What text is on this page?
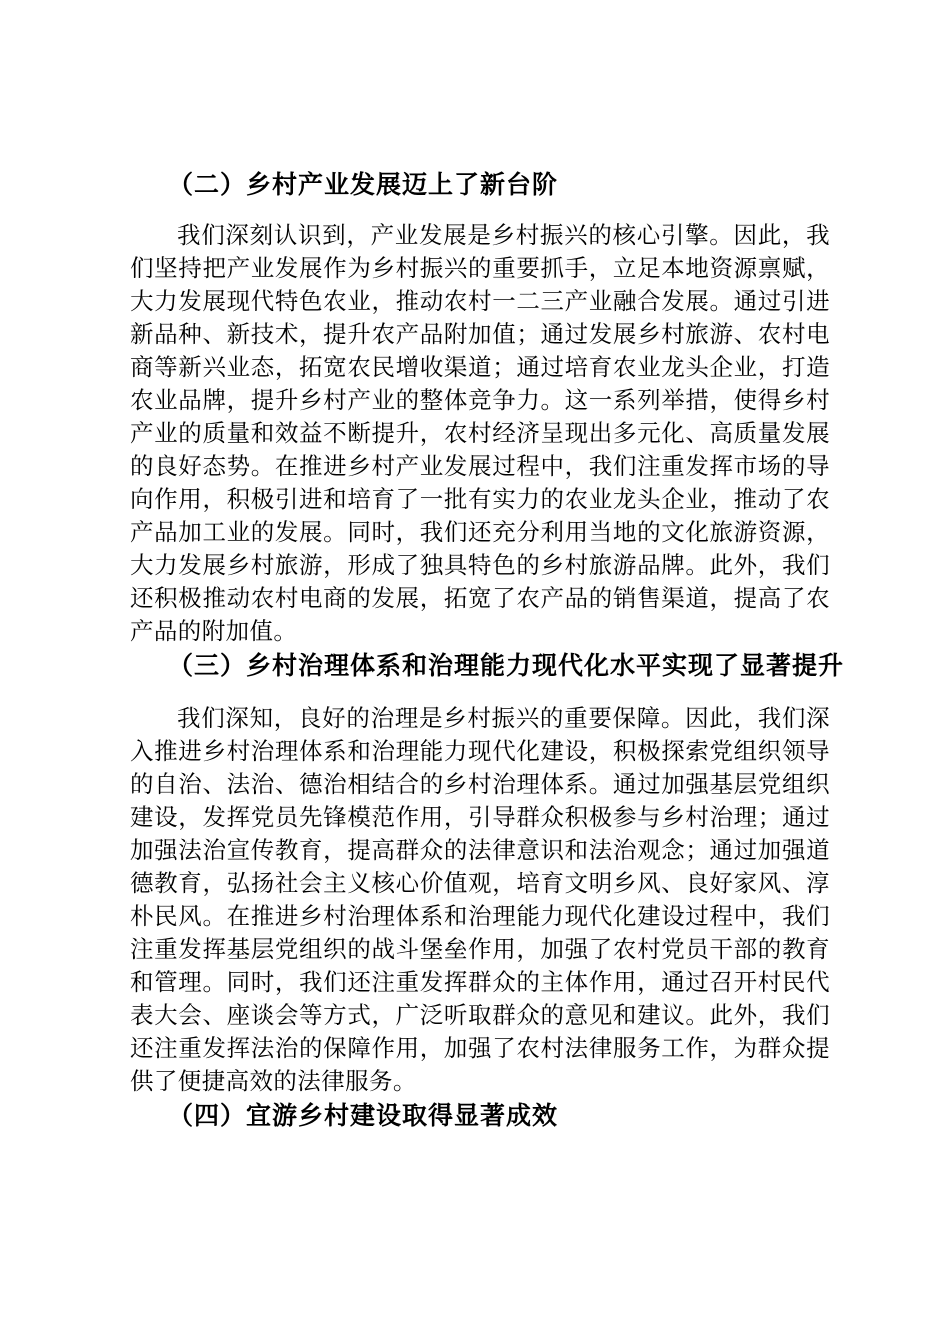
（二）乡村产业发展迈上了新台阶

我们深刻认识到，产业发展是乡村振兴的核心引擎。因此，我们坚持把产业发展作为乡村振兴的重要抓手，立足本地资源禀赋，大力发展现代特色农业，推动农村一二三产业融合发展。通过引进新品种、新技术，提升农产品附加值；通过发展乡村旅游、农村电商等新兴业态，拓宽农民增收渠道；通过培育农业龙头企业，打造农业品牌，提升乡村产业的整体竞争力。这一系列举措，使得乡村产业的质量和效益不断提升，农村经济呈现出多元化、高质量发展的良好态势。在推进乡村产业发展过程中，我们注重发挥市场的导向作用，积极引进和培育了一批有实力的农业龙头企业，推动了农产品加工业的发展。同时，我们还充分利用当地的文化旅游资源，大力发展乡村旅游，形成了独具特色的乡村旅游品牌。此外，我们还积极推动农村电商的发展，拓宽了农产品的销售渠道，提高了农产品的附加值。

（三）乡村治理体系和治理能力现代化水平实现了显著提升

我们深知，良好的治理是乡村振兴的重要保障。因此，我们深入推进乡村治理体系和治理能力现代化建设，积极探索党组织领导的自治、法治、德治相结合的乡村治理体系。通过加强基层党组织建设，发挥党员先锋模范作用，引导群众积极参与乡村治理；通过加强法治宣传教育，提高群众的法律意识和法治观念；通过加强道德教育，弘扬社会主义核心价值观，培育文明乡风、良好家风、淳朴民风。在推进乡村治理体系和治理能力现代化建设过程中，我们注重发挥基层党组织的战斗堡垒作用，加强了农村党员干部的教育和管理。同时，我们还注重发挥群众的主体作用，通过召开村民代表大会、座谈会等方式，广泛听取群众的意见和建议。此外，我们还注重发挥法治的保障作用，加强了农村法律服务工作，为群众提供了便捷高效的法律服务。

（四）宜游乡村建设取得显著成效
